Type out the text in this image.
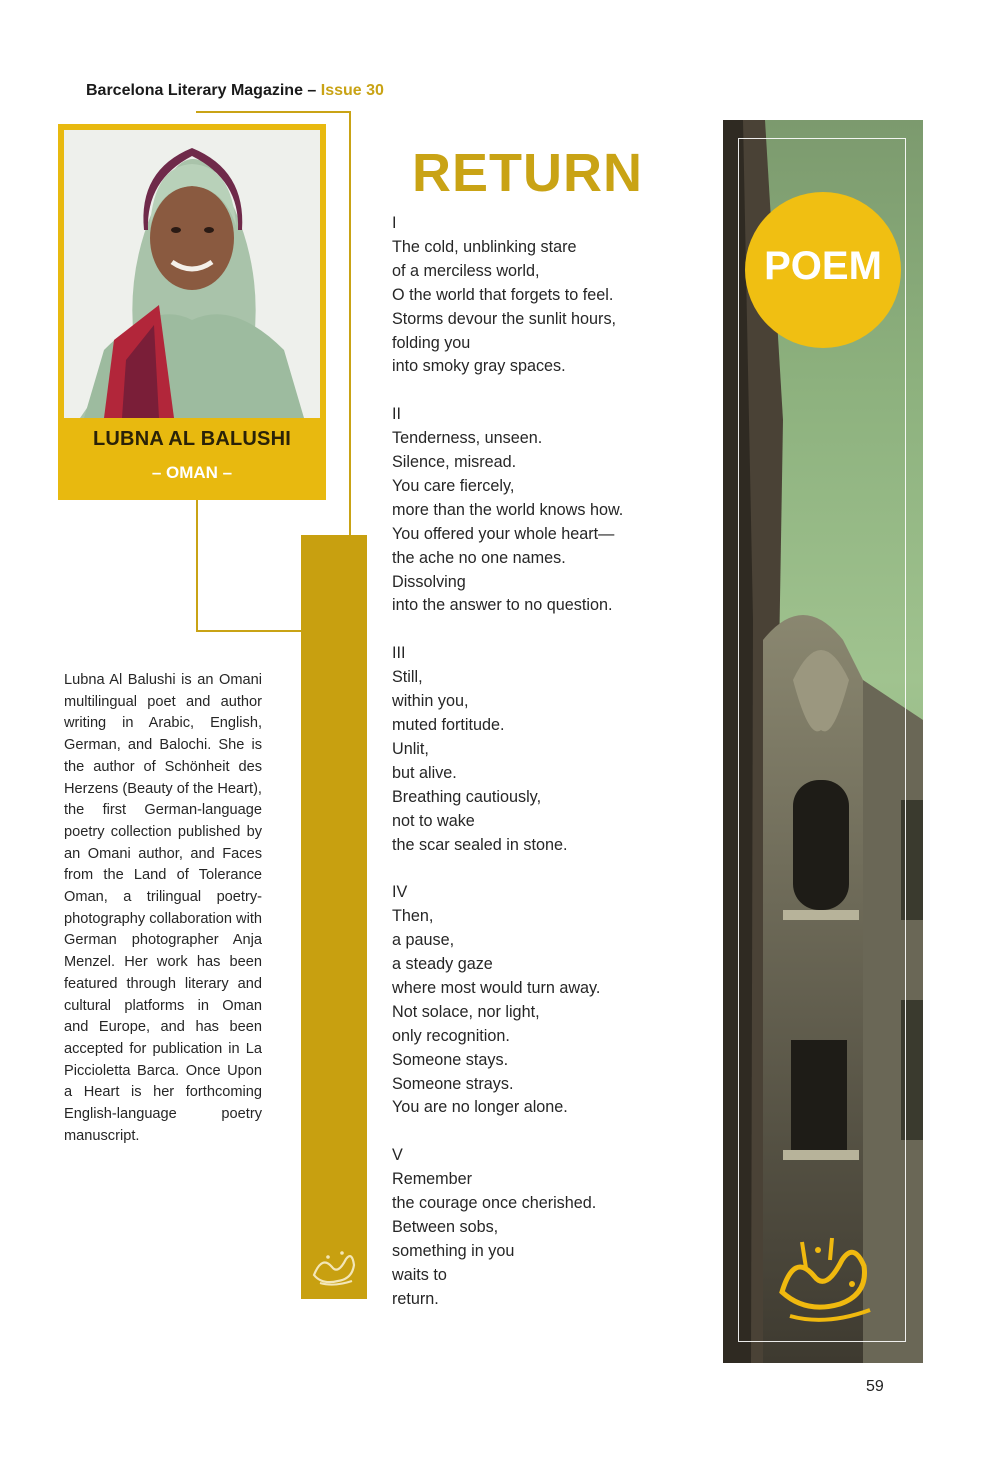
Barcelona Literary Magazine – Issue 30
LUBNA AL BALUSHI
– OMAN –
Lubna Al Balushi is an Omani multilingual poet and author writing in Arabic, English, German, and Balochi. She is the author of Schönheit des Herzens (Beauty of the Heart), the first German-language poetry collection published by an Omani author, and Faces from the Land of Tolerance Oman, a trilingual poetry-photography collaboration with German photographer Anja Menzel. Her work has been featured through literary and cultural platforms in Oman and Europe, and has been accepted for publication in La Piccioletta Barca. Once Upon a Heart is her forthcoming English-language poetry manuscript.
RETURN
I
The cold, unblinking stare
of a merciless world,
O the world that forgets to feel.
Storms devour the sunlit hours,
folding you
into smoky gray spaces.
II
Tenderness, unseen.
Silence, misread.
You care fiercely,
more than the world knows how.
You offered your whole heart—
the ache no one names.
Dissolving
into the answer to no question.
III
Still,
within you,
muted fortitude.
Unlit,
but alive.
Breathing cautiously,
not to wake
the scar sealed in stone.
IV
Then,
a pause,
a steady gaze
where most would turn away.
Not solace, nor light,
only recognition.
Someone stays.
Someone strays.
You are no longer alone.
V
Remember
the courage once cherished.
Between sobs,
something in you
waits to
return.
POEM
59
